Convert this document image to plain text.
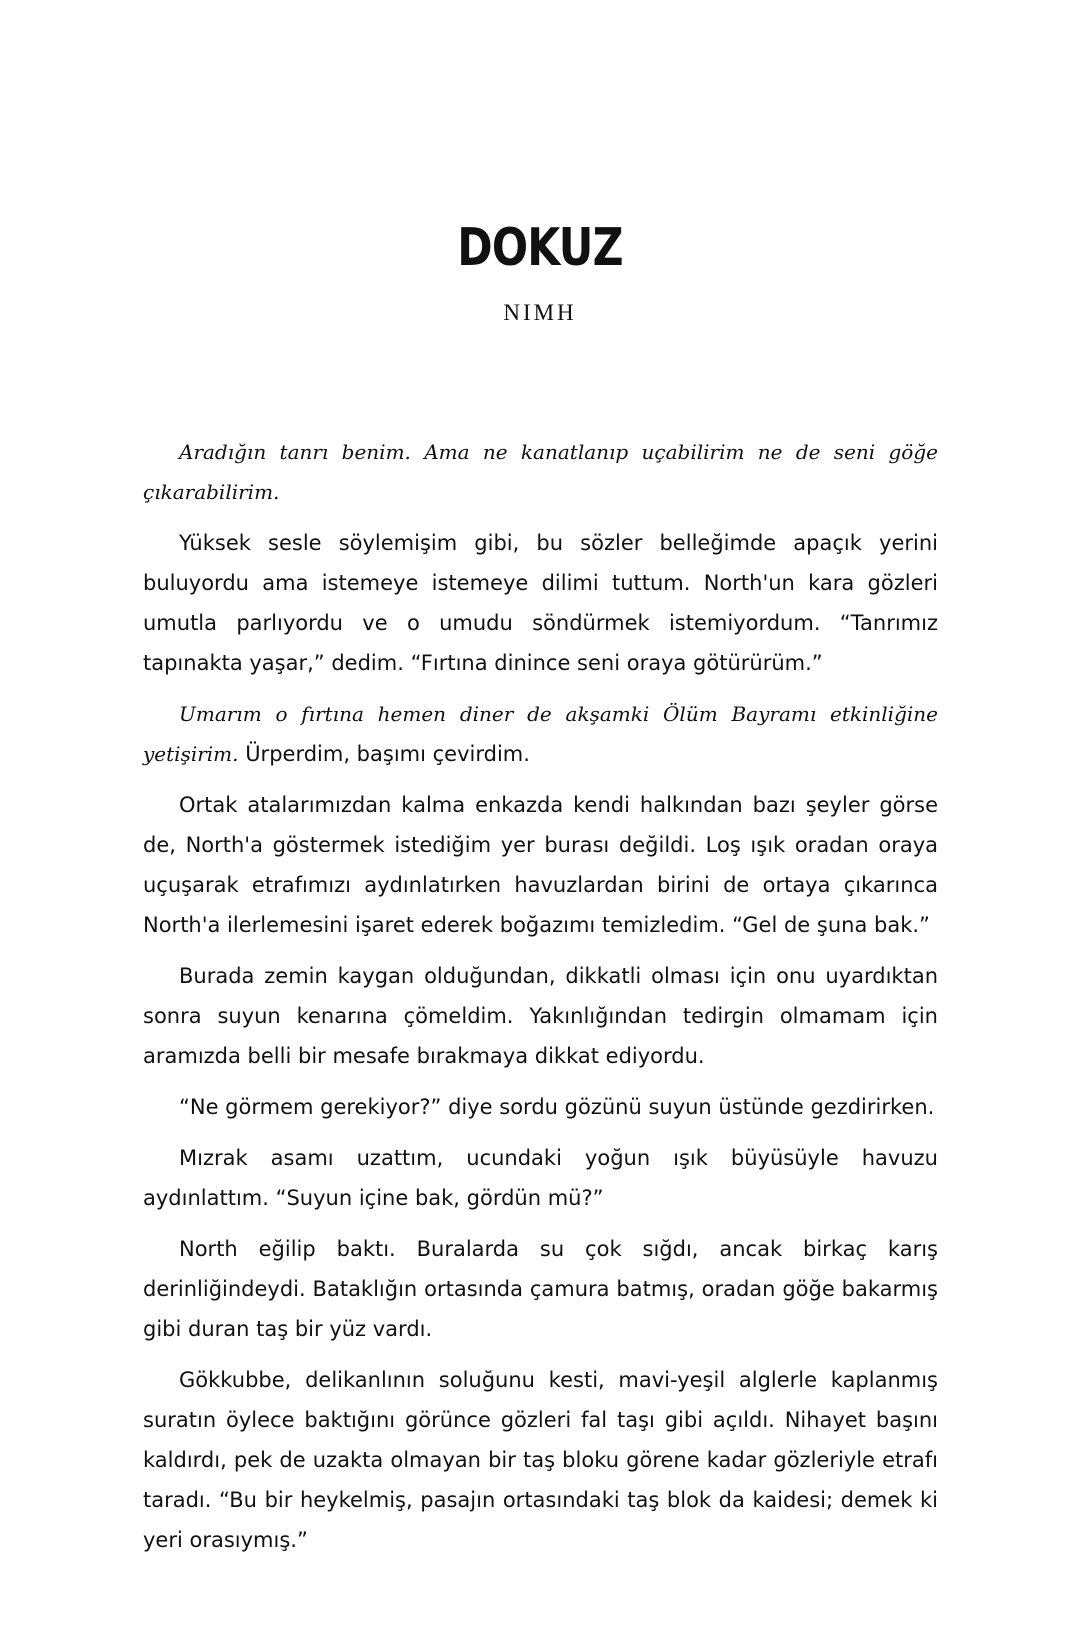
DOKUZ
NIMH

Aradığın tanrı benim. Ama ne kanatlanıp uçabilirim ne de seni göğe çıkarabilirim.

Yüksek sesle söylemişim gibi, bu sözler belleğimde apaçık yerini buluyordu ama istemeye istemeye dilimi tuttum. North'un kara gözleri umutla parlıyordu ve o umudu söndürmek istemiyordum. “Tanrımız tapınakta yaşar,” dedim. “Fırtına dinince seni oraya götürürüm.”

Umarım o fırtına hemen diner de akşamki Ölüm Bayramı etkinliğine yetişirim. Ürperdim, başımı çevirdim.

Ortak atalarımızdan kalma enkazda kendi halkından bazı şeyler görse de, North'a göstermek istediğim yer burası değildi. Loş ışık oradan oraya uçuşarak etrafımızı aydınlatırken havuzlardan birini de ortaya çıkarınca North'a ilerlemesini işaret ederek boğazımı temizledim. “Gel de şuna bak.”

Burada zemin kaygan olduğundan, dikkatli olması için onu uyardıktan sonra suyun kenarına çömeldim. Yakınlığından tedirgin olmamam için aramızda belli bir mesafe bırakmaya dikkat ediyordu.

“Ne görmem gerekiyor?” diye sordu gözünü suyun üstünde gezdirirken.

Mızrak asamı uzattım, ucundaki yoğun ışık büyüsüyle havuzu aydınlattım. “Suyun içine bak, gördün mü?”

North eğilip baktı. Buralarda su çok sığdı, ancak birkaç karış derinliğindeydi. Bataklığın ortasında çamura batmış, oradan göğe bakarmış gibi duran taş bir yüz vardı.

Gökkubbe, delikanlının soluğunu kesti, mavi-yeşil alglerle kaplanmış suratın öylece baktığını görünce gözleri fal taşı gibi açıldı. Nihayet başını kaldırdı, pek de uzakta olmayan bir taş bloku görene kadar gözleriyle etrafı taradı. “Bu bir heykelmiş, pasajın ortasındaki taş blok da kaidesi; demek ki yeri orasıymış.”
